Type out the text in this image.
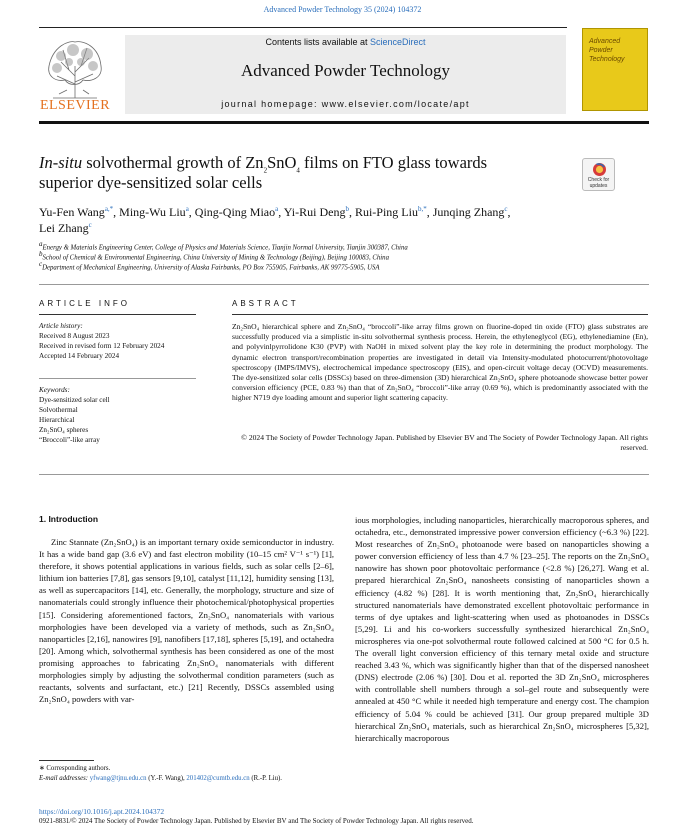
Advanced Powder Technology 35 (2024) 104372
ELSEVIER
Contents lists available at ScienceDirect
Advanced Powder Technology
journal homepage: www.elsevier.com/locate/apt
Advanced
Powder
Technology
In-situ solvothermal growth of $Zn_2SnO_4$ films on FTO glass towards
superior dye-sensitized solar cells	Check for
updates
Yu-Fen Wang$^{a,*}$, Ming-Wu Liu$^a$, Qing-Qing Miao$^a$, Yi-Rui Deng$^b$, Rui-Ping Liu$^{b,*}$, Junqing Zhang$^c$,
Lei Zhang$^c$
$^a$Energy & Materials Engineering Center, College of Physics and Materials Science, Tianjin Normal University, Tianjin 300387, China
$^b$School of Chemical & Environmental Engineering, China University of Mining & Technology (Beijing), Beijing 100083, China
$^c$Department of Mechanical Engineering, University of Alaska Fairbanks, PO Box 755905, Fairbanks, AK 99775-5905, USA
ARTICLE INFO
Article history:
Received 8 August 2023
Received in revised form 12 February 2024
Accepted 14 February 2024
Keywords:
Dye-sensitized solar cell
Solvothermal
Hierarchical
Zn₂SnO₄ spheres
“Broccoli”-like array
ABSTRACT
Zn₂SnO₄ hierarchical sphere and Zn₂SnO₄ “broccoli”-like array films grown on fluorine-doped tin oxide (FTO) glass substrates are successfully produced via a simplistic in-situ solvothermal synthesis process. Herein, the ethyleneglycol (EG), ethylenediamine (En), and polyvinlpyrrolidone K30 (PVP) with NaOH in mixed solvent play the key role in determining the product morphology. The dynamic electron transport/recombination properties are investigated in detail via Intensity-modulated photocurrent/photovoltage spectroscopy (IMPS/IMVS), electrochemical impedance spectroscopy (EIS), and open-circuit voltage decay (OCVD) measurements. The dye-sensitized solar cells (DSSCs) based on three-dimension (3D) hierarchical Zn₂SnO₄ sphere photoanode showcase better power conversion efficiency (PCE, 0.83 %) than that of Zn₂SnO₄ “broccoli”-like array (0.69 %), which is predominantly associated with the higher N719 dye loading amount and superior light scattering capacity.
© 2024 The Society of Powder Technology Japan. Published by Elsevier BV and The Society of Powder Technology Japan. All rights reserved.
1. Introduction
Zinc Stannate (Zn₂SnO₄) is an important ternary oxide semiconductor in industry. It has a wide band gap (3.6 eV) and fast electron mobility (10–15 cm² V⁻¹ s⁻¹) [1], therefore, it shows potential applications in various fields, such as solar cells [2–6], lithium ion batteries [7,8], gas sensors [9,10], catalyst [11,12], humidity sensing [13], as well as supercapacitors [14], etc. Generally, the morphology, structure and size of nanomaterials could strongly influence their photochemical/photophysical properties [15]. Considering aforementioned factors, Zn₂SnO₄ nanomaterials with various morphologies have been developed via a variety of methods, such as Zn₂SnO₄ nanoparticles [2,16], nanowires [9], nanofibers [17,18], spheres [5,19], and octahedra [20]. Among which, solvothermal synthesis has been considered as one of the most promising approaches to fabricating Zn₂SnO₄ nanomaterials with different morphologies simply by adjusting the solvothermal condition parameters (such as reactants, solvents and surfactant, etc.) [21] Recently, DSSCs assembled using Zn₂SnO₄ powders with var-
ious morphologies, including nanoparticles, hierarchically macroporous spheres, and octahedra, etc., demonstrated impressive power conversion efficiency (~6.3 %) [22]. Most researches of Zn₂SnO₄ photoanode were based on nanoparticles showing a power conversion efficiency of less than 4.7 % [23–25]. The reports on the Zn₂SnO₄ nanowire has shown poor photovoltaic performance (<2.8 %) [26,27]. Wang et al. prepared hierarchical Zn₂SnO₄ nanosheets consisting of nanoparticles shown a efficiency (4.82 %) [28]. It is worth mentioning that, Zn₂SnO₄ hierarchically structured nanomaterials have demonstrated excellent photovoltaic performance in terms of dye uptakes and light-scattering when used as photoanodes in DSSCs [5,29]. Li and his co-workers successfully synthesized hierarchical Zn₂SnO₄ microspheres via one-pot solvothermal route followed calcined at 500 °C for 0.5 h. The overall light conversion efficiency of this ternary metal oxide and structure reached 3.43 %, which was significantly higher than that of the dispersed nanosheet (DNS) electrode (2.06 %) [30]. Dou et al. reported the 3D Zn₂SnO₄ microspheres with controllable shell numbers through a sol–gel route and subsequently were annealed at 450 °C while it needed high temperature and energy cost. The champion efficiency of 5.04 % could be achieved [31]. Our group prepared multiple 3D hierarchical Zn₂SnO₄ materials, such as hierarchical Zn₂SnO₄ microspheres [5,32], hierarchically macroporous
∗ Corresponding authors.
E-mail addresses: yfwang@tjnu.edu.cn (Y.-F. Wang), 201402@cumtb.edu.cn (R.-P. Liu).
https://doi.org/10.1016/j.apt.2024.104372
0921-8831/© 2024 The Society of Powder Technology Japan. Published by Elsevier BV and The Society of Powder Technology Japan. All rights reserved.
